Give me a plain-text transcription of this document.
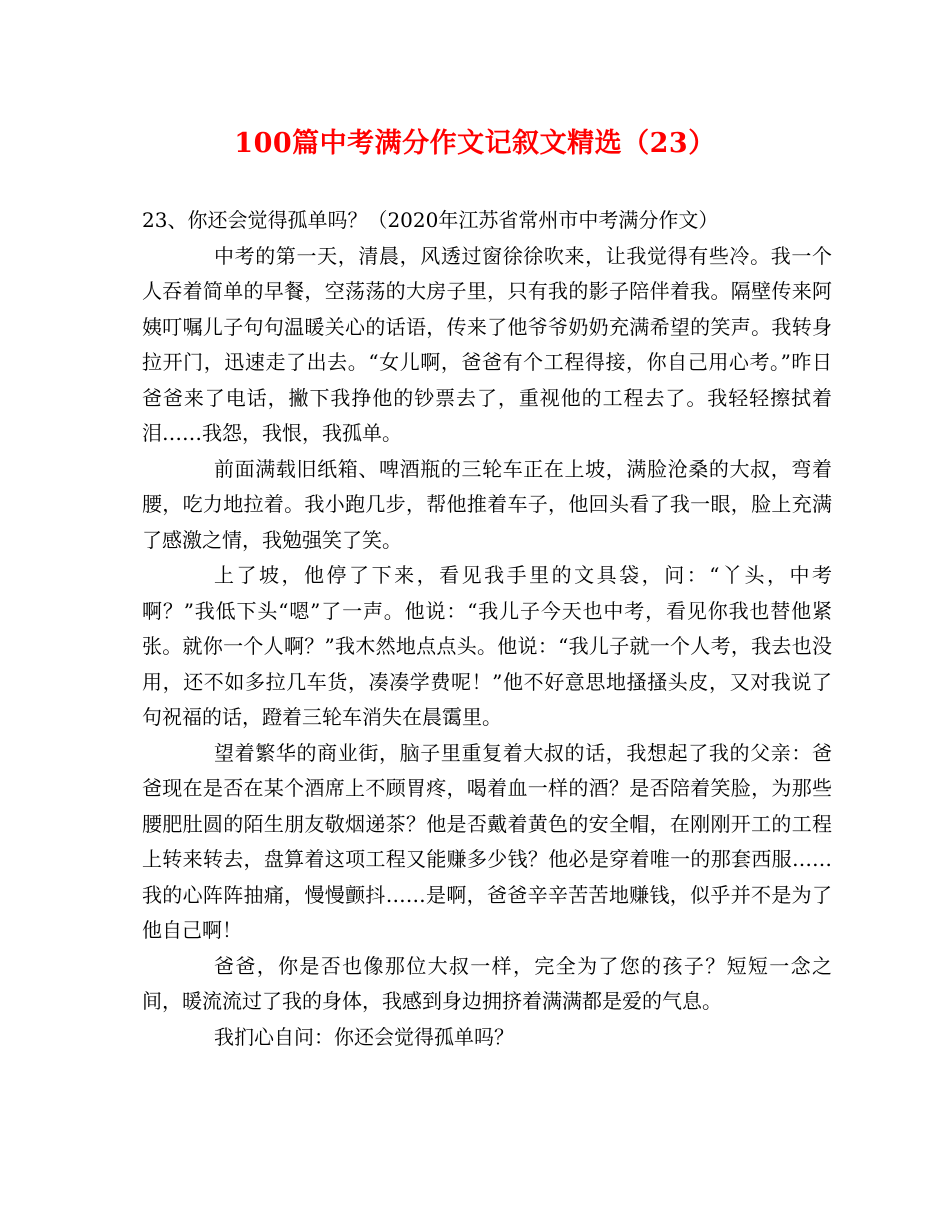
100篇中考满分作文记叙文精选（23）

23、你还会觉得孤单吗？（2020年江苏省常州市中考满分作文）

中考的第一天，清晨，风透过窗徐徐吹来，让我觉得有些冷。我一个人吞着简单的早餐，空荡荡的大房子里，只有我的影子陪伴着我。隔壁传来阿姨叮嘱儿子句句温暖关心的话语，传来了他爷爷奶奶充满希望的笑声。我转身拉开门，迅速走了出去。“女儿啊，爸爸有个工程得接，你自己用心考。”昨日爸爸来了电话，撇下我挣他的钞票去了，重视他的工程去了。我轻轻擦拭着泪……我怨，我恨，我孤单。

前面满载旧纸箱、啤酒瓶的三轮车正在上坡，满脸沧桑的大叔，弯着腰，吃力地拉着。我小跑几步，帮他推着车子，他回头看了我一眼，脸上充满了感激之情，我勉强笑了笑。

上了坡，他停了下来，看见我手里的文具袋，问：“丫头，中考啊？”我低下头“嗯”了一声。他说：“我儿子今天也中考，看见你我也替他紧张。就你一个人啊？”我木然地点点头。他说：“我儿子就一个人考，我去也没用，还不如多拉几车货，凑凑学费呢！”他不好意思地搔搔头皮，又对我说了句祝福的话，蹬着三轮车消失在晨霭里。

望着繁华的商业街，脑子里重复着大叔的话，我想起了我的父亲：爸爸现在是否在某个酒席上不顾胃疼，喝着血一样的酒？是否陪着笑脸，为那些腰肥肚圆的陌生朋友敬烟递茶？他是否戴着黄色的安全帽，在刚刚开工的工程上转来转去，盘算着这项工程又能赚多少钱？他必是穿着唯一的那套西服……我的心阵阵抽痛，慢慢颤抖……是啊，爸爸辛辛苦苦地赚钱，似乎并不是为了他自己啊！

爸爸，你是否也像那位大叔一样，完全为了您的孩子？短短一念之间，暖流流过了我的身体，我感到身边拥挤着满满都是爱的气息。

我扪心自问：你还会觉得孤单吗？
